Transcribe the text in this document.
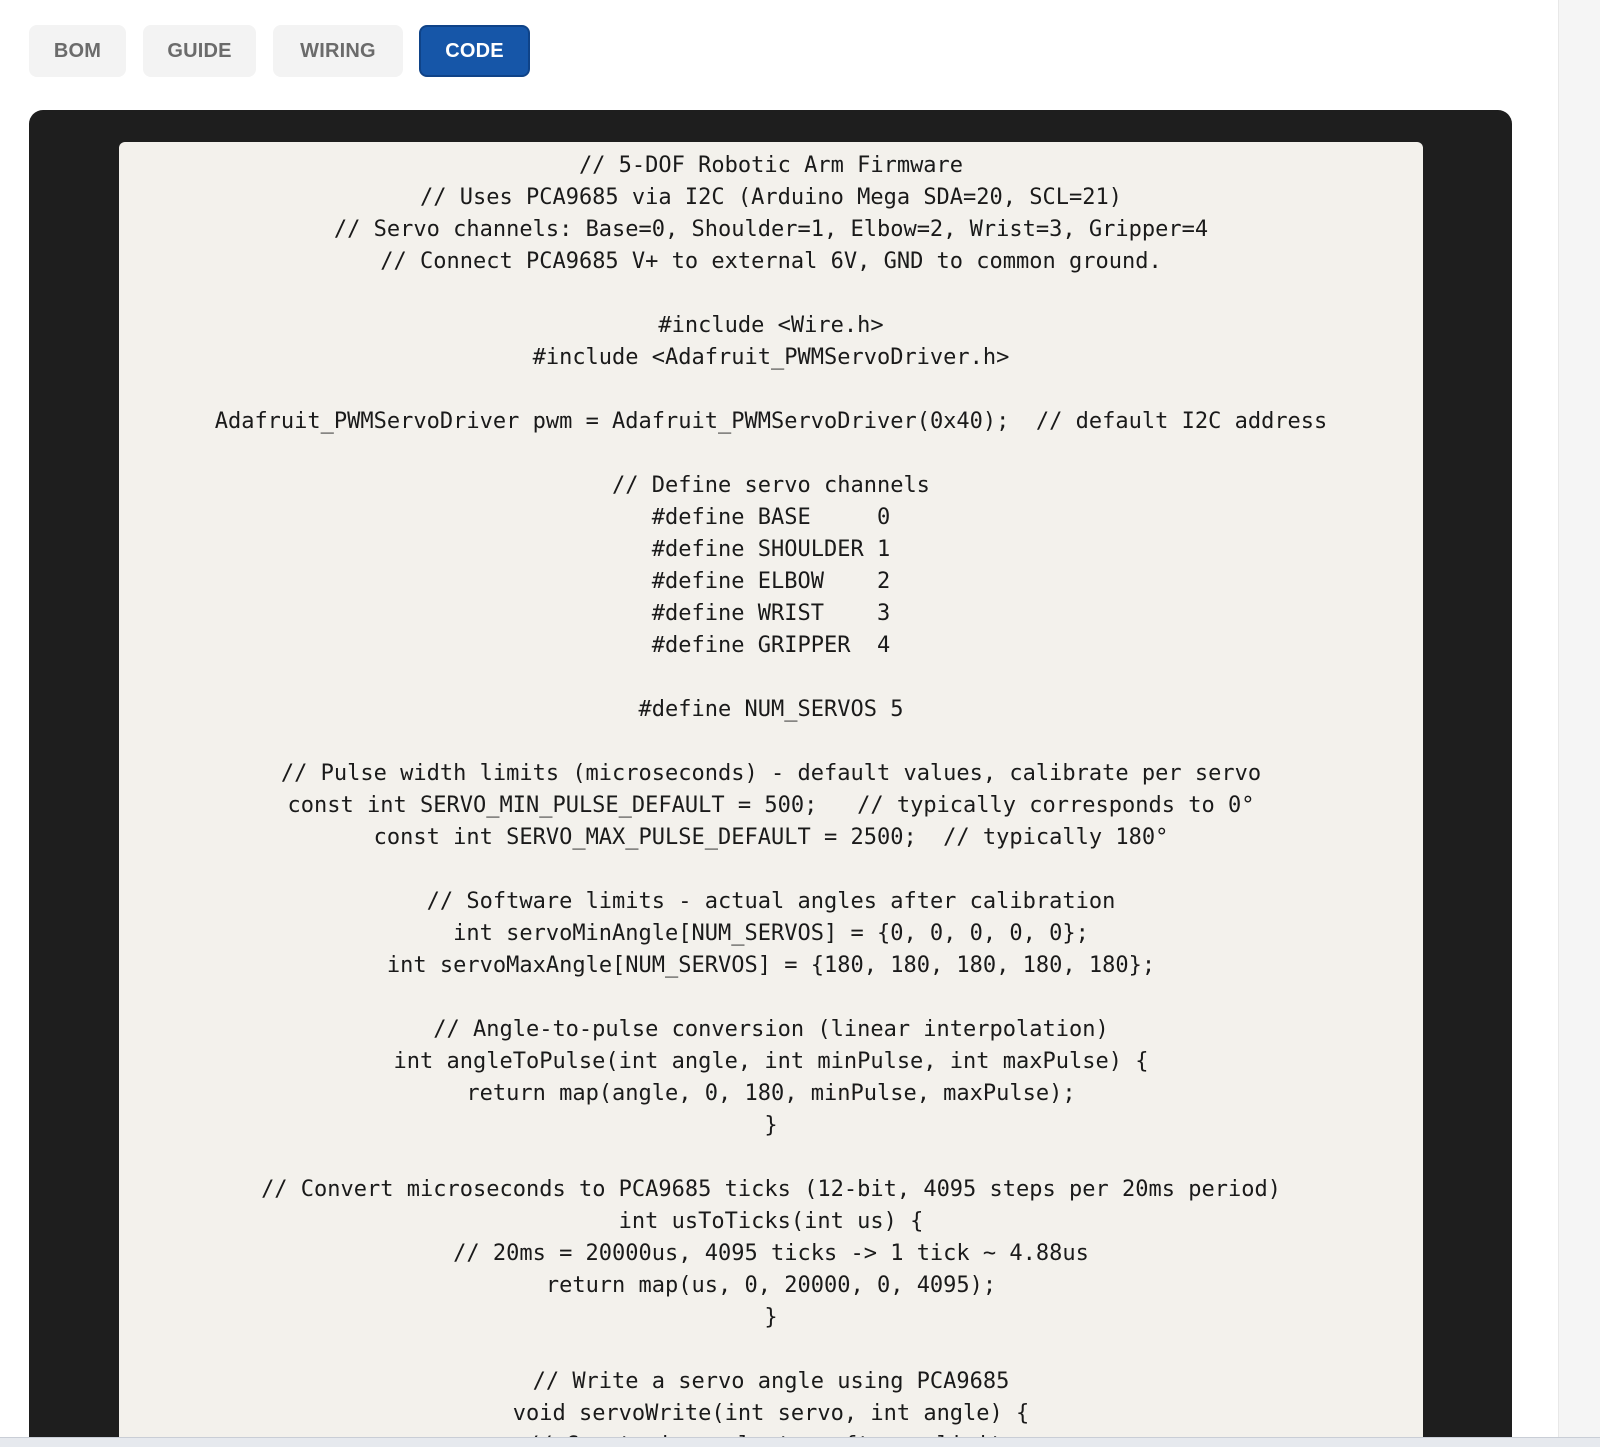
BOM	GUIDE	WIRING	CODE
// 5-DOF Robotic Arm Firmware
// Uses PCA9685 via I2C (Arduino Mega SDA=20, SCL=21)
// Servo channels: Base=0, Shoulder=1, Elbow=2, Wrist=3, Gripper=4
// Connect PCA9685 V+ to external 6V, GND to common ground.
#include <Wire.h>
#include <Adafruit_PWMServoDriver.h>
Adafruit_PWMServoDriver pwm = Adafruit_PWMServoDriver(0x40);  // default I2C address
// Define servo channels
#define BASE     0
#define SHOULDER 1
#define ELBOW    2
#define WRIST    3
#define GRIPPER  4
#define NUM_SERVOS 5
// Pulse width limits (microseconds) - default values, calibrate per servo
const int SERVO_MIN_PULSE_DEFAULT = 500;   // typically corresponds to 0°
const int SERVO_MAX_PULSE_DEFAULT = 2500;  // typically 180°
// Software limits - actual angles after calibration
int servoMinAngle[NUM_SERVOS] = {0, 0, 0, 0, 0};
int servoMaxAngle[NUM_SERVOS] = {180, 180, 180, 180, 180};
// Angle-to-pulse conversion (linear interpolation)
int angleToPulse(int angle, int minPulse, int maxPulse) {
return map(angle, 0, 180, minPulse, maxPulse);
}
// Convert microseconds to PCA9685 ticks (12-bit, 4095 steps per 20ms period)
int usToTicks(int us) {
// 20ms = 20000us, 4095 ticks -> 1 tick ~ 4.88us
return map(us, 0, 20000, 0, 4095);
}
// Write a servo angle using PCA9685
void servoWrite(int servo, int angle) {
